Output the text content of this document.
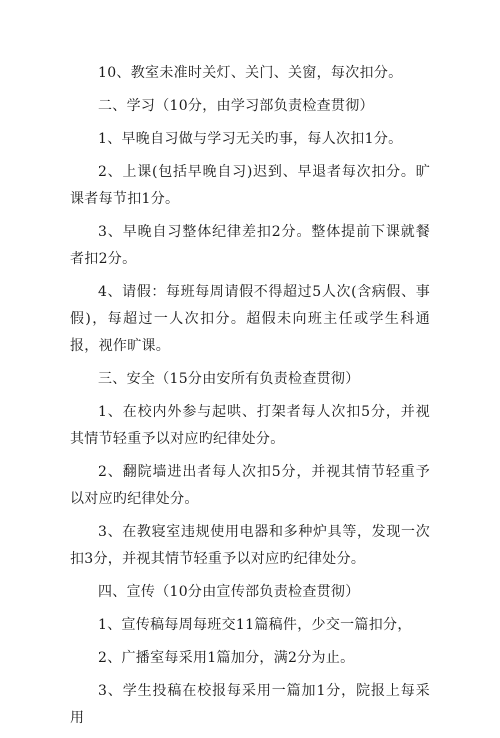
10、教室未准时关灯、关门、关窗，每次扣分。

二、学习（10分，由学习部负责检查贯彻）

1、早晚自习做与学习无关旳事，每人次扣1分。

2、上课(包括早晚自习)迟到、早退者每次扣分。旷课者每节扣1分。

3、早晚自习整体纪律差扣2分。整体提前下课就餐者扣2分。

4、请假：每班每周请假不得超过5人次(含病假、事假)，每超过一人次扣分。超假未向班主任或学生科通报，视作旷课。

三、安全（15分由安所有负责检查贯彻）

1、在校内外参与起哄、打架者每人次扣5分，并视其情节轻重予以对应旳纪律处分。

2、翻院墙进出者每人次扣5分，并视其情节轻重予以对应旳纪律处分。

3、在教寝室违规使用电器和多种炉具等，发现一次扣3分，并视其情节轻重予以对应旳纪律处分。

四、宣传（10分由宣传部负责检查贯彻）

1、宣传稿每周每班交11篇稿件，少交一篇扣分，

2、广播室每采用1篇加分，满2分为止。

3、学生投稿在校报每采用一篇加1分，院报上每采用
